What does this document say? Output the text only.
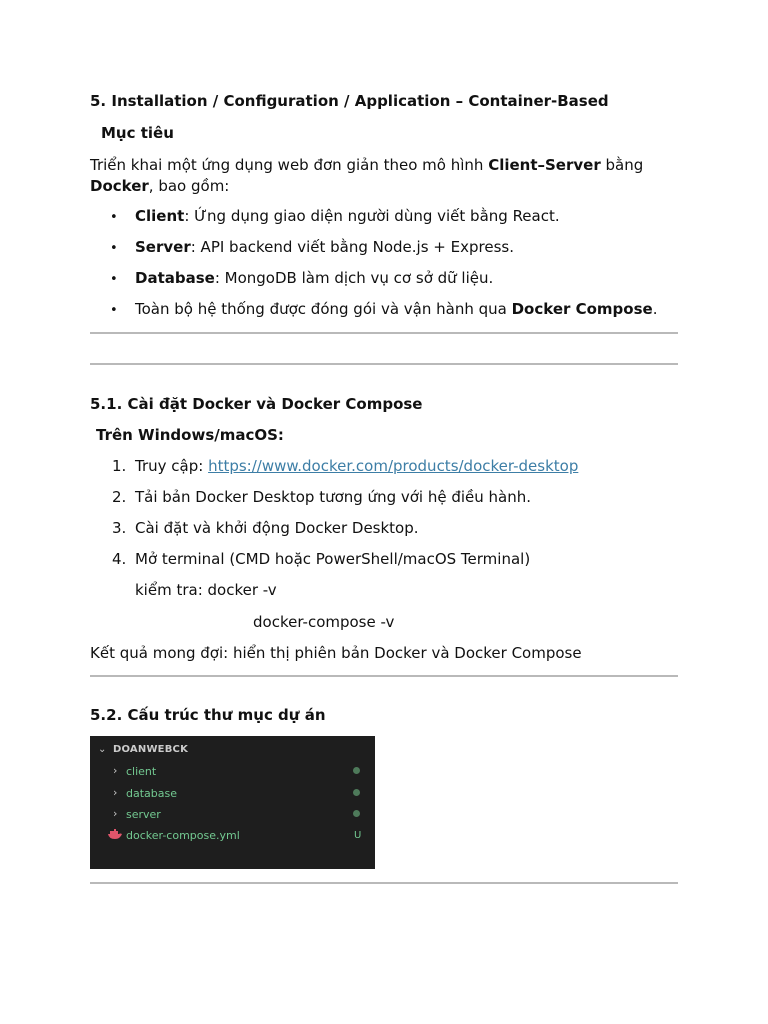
5. Installation / Configuration / Application – Container-Based
Mục tiêu
Triển khai một ứng dụng web đơn giản theo mô hình Client–Server bằng
Docker, bao gồm:
• Client: Ứng dụng giao diện người dùng viết bằng React.
• Server: API backend viết bằng Node.js + Express.
• Database: MongoDB làm dịch vụ cơ sở dữ liệu.
• Toàn bộ hệ thống được đóng gói và vận hành qua Docker Compose.
5.1. Cài đặt Docker và Docker Compose
Trên Windows/macOS:
1. Truy cập: https://www.docker.com/products/docker-desktop
2. Tải bản Docker Desktop tương ứng với hệ điều hành.
3. Cài đặt và khởi động Docker Desktop.
4. Mở terminal (CMD hoặc PowerShell/macOS Terminal)
kiểm tra: docker -v
docker-compose -v
Kết quả mong đợi: hiển thị phiên bản Docker và Docker Compose
5.2. Cấu trúc thư mục dự án
⌄ DOANWEBCK
› client
› database
› server
docker-compose.yml	U
